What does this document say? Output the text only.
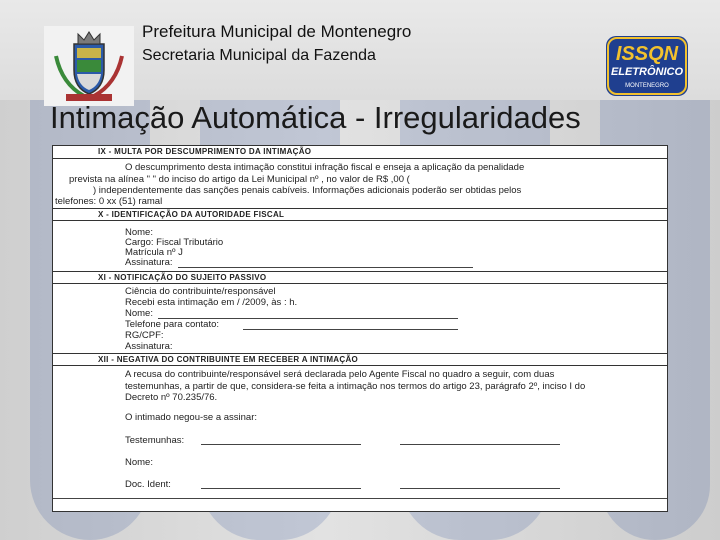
Prefeitura Municipal de Montenegro
Secretaria Municipal da Fazenda	ISSQN
ELETRÔNICO
MONTENEGRO
Intimação Automática - Irregularidades
IX - MULTA POR DESCUMPRIMENTO DA INTIMAÇÃO
O descumprimento desta intimação constitui infração fiscal e enseja a aplicação da penalidade
prevista na alínea " " do inciso do artigo da Lei Municipal nº , no valor de R$ ,00 (
) independentemente das sanções penais cabíveis. Informações adicionais poderão ser obtidas pelos
telefones: 0 xx (51) ramal
X - IDENTIFICAÇÃO DA AUTORIDADE FISCAL
Nome:
Cargo: Fiscal Tributário
Matrícula nº J
Assinatura:
XI - NOTIFICAÇÃO DO SUJEITO PASSIVO
Ciência do contribuinte/responsável
Recebi esta intimação em / /2009, às : h.
Nome:
Telefone para contato:
RG/CPF:
Assinatura:
XII - NEGATIVA DO CONTRIBUINTE EM RECEBER A INTIMAÇÃO
A recusa do contribuinte/responsável será declarada pelo Agente Fiscal no quadro a seguir, com duas
testemunhas, a partir de que, considera-se feita a intimação nos termos do artigo 23, parágrafo 2º, inciso I do
Decreto nº 70.235/76.
O intimado negou-se a assinar:
Testemunhas:
Nome:
Doc. Ident:
